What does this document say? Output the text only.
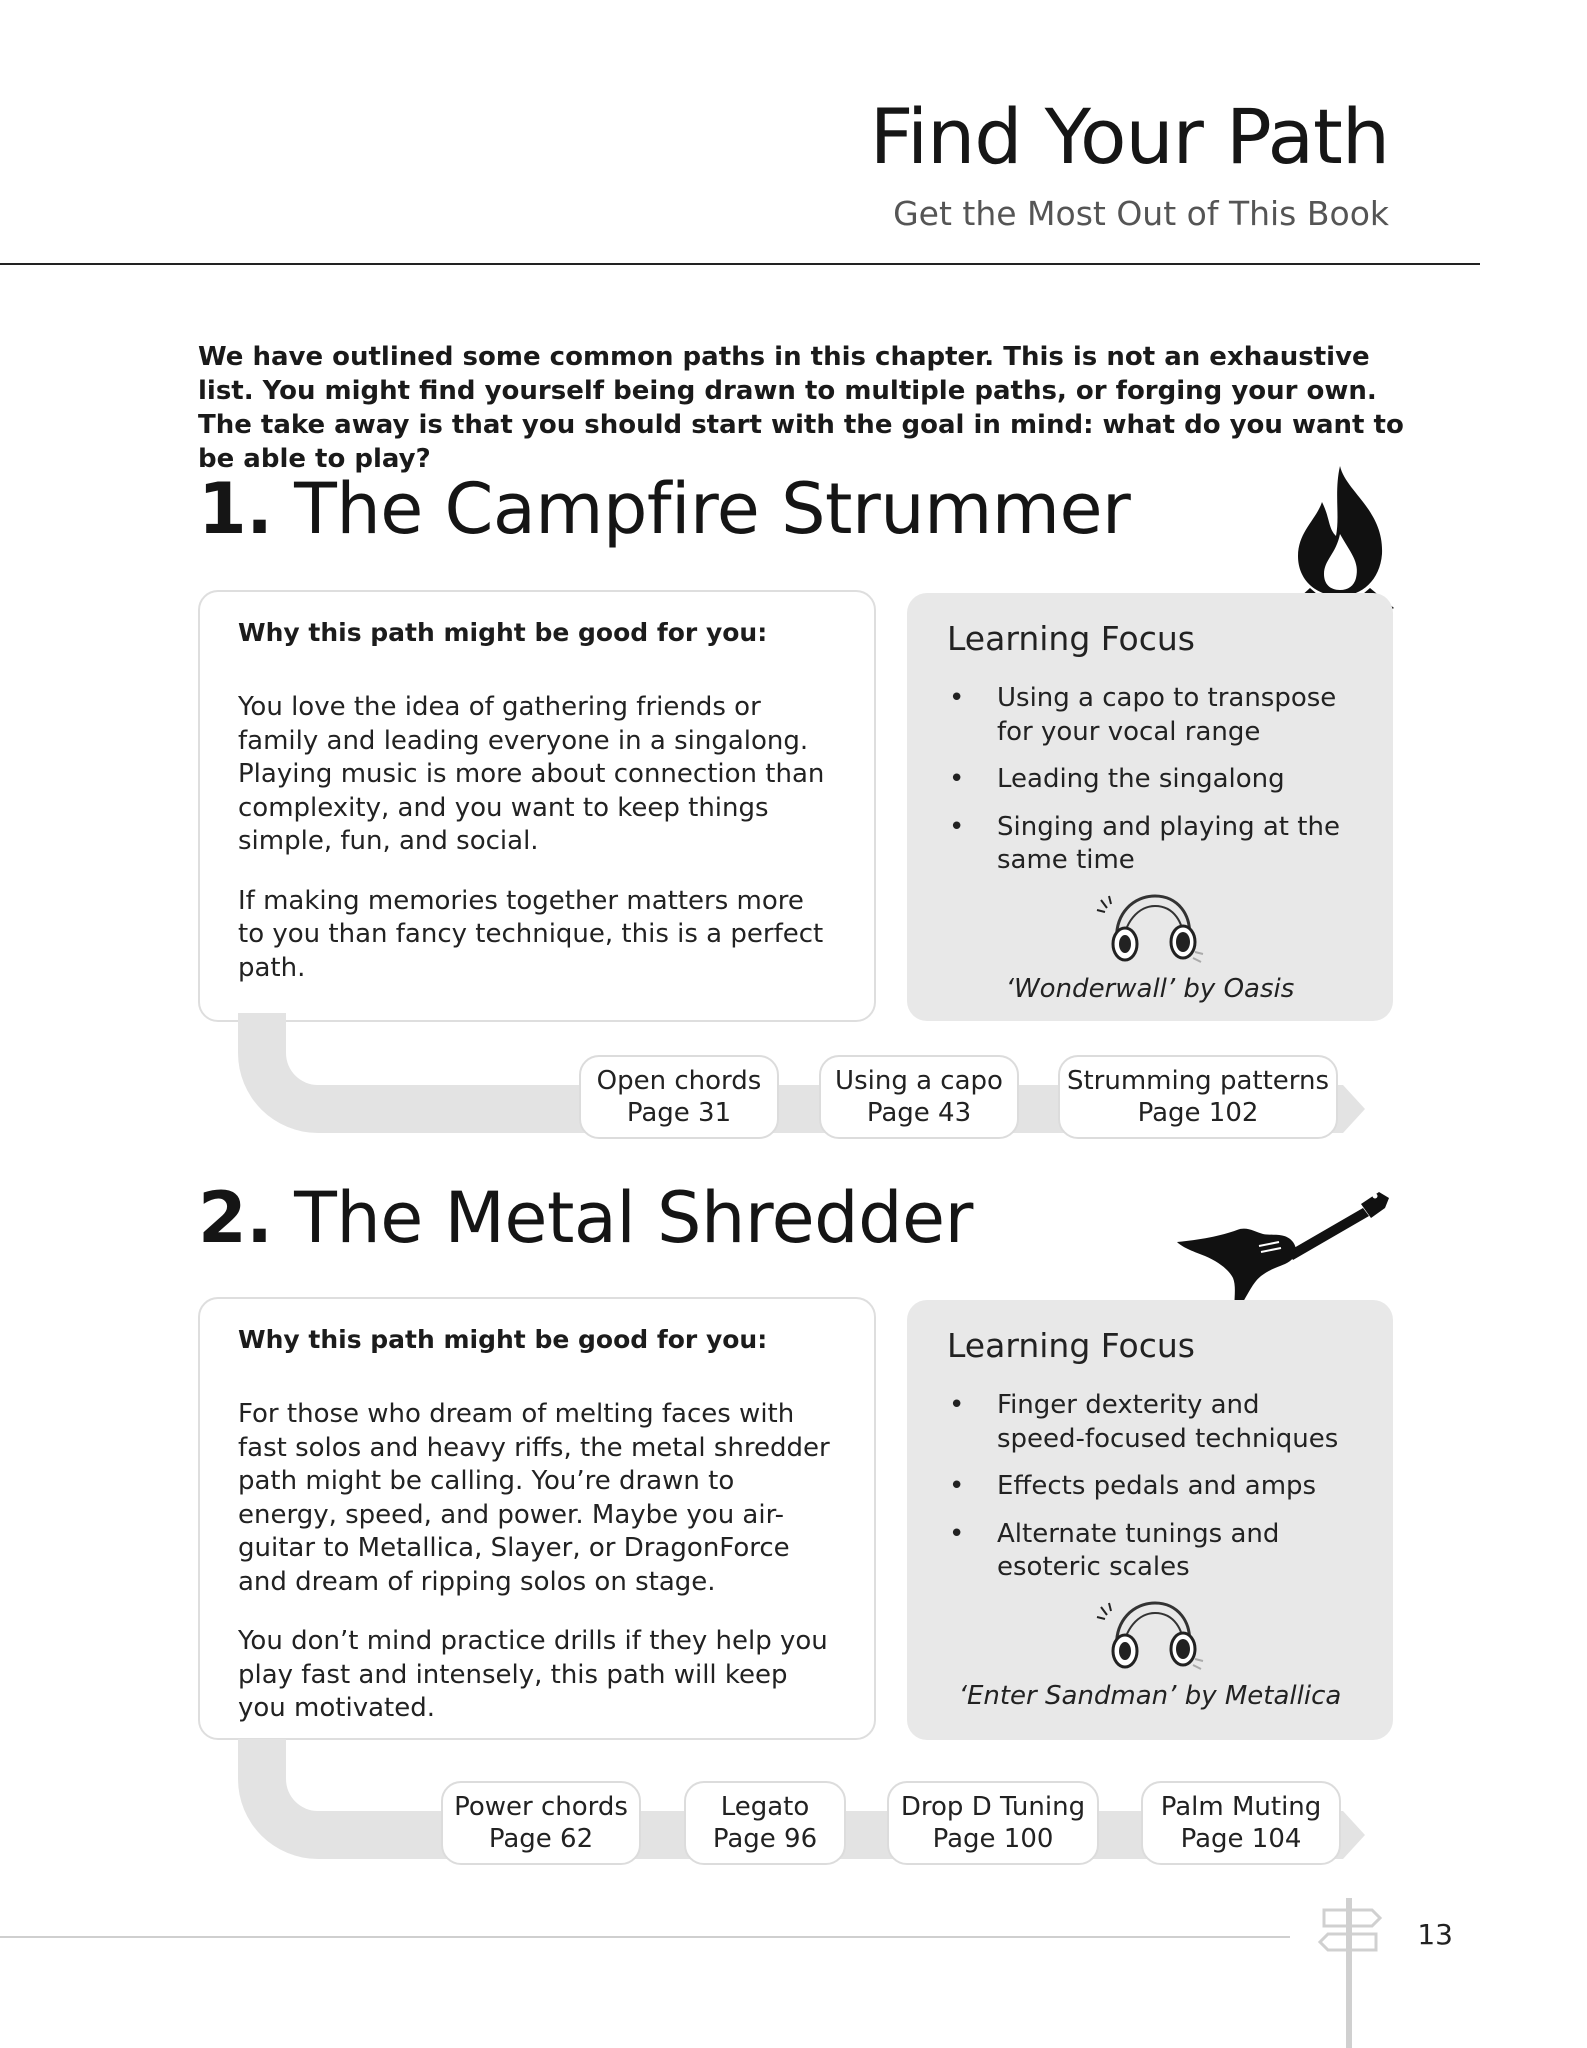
Find Your Path
Get the Most Out of This Book
We have outlined some common paths in this chapter. This is not an exhaustive list. You might find yourself being drawn to multiple paths, or forging your own. The take away is that you should start with the goal in mind: what do you want to be able to play?
1. The Campfire Strummer
Why this path might be good for you:

You love the idea of gathering friends or family and leading everyone in a singalong. Playing music is more about connection than complexity, and you want to keep things simple, fun, and social.

If making memories together matters more to you than fancy technique, this is a perfect path.

Learning Focus
• Using a capo to transpose for your vocal range
• Leading the singalong
• Singing and playing at the same time
‘Wonderwall’ by Oasis
Open chords
Page 31
Using a capo
Page 43
Strumming patterns
Page 102
2. The Metal Shredder
Why this path might be good for you:

For those who dream of melting faces with fast solos and heavy riffs, the metal shredder path might be calling. You’re drawn to energy, speed, and power. Maybe you air-guitar to Metallica, Slayer, or DragonForce and dream of ripping solos on stage.

You don’t mind practice drills if they help you play fast and intensely, this path will keep you motivated.

Learning Focus
• Finger dexterity and speed-focused techniques
• Effects pedals and amps
• Alternate tunings and esoteric scales
‘Enter Sandman’ by Metallica
Power chords
Page 62
Legato
Page 96
Drop D Tuning
Page 100
Palm Muting
Page 104
13
